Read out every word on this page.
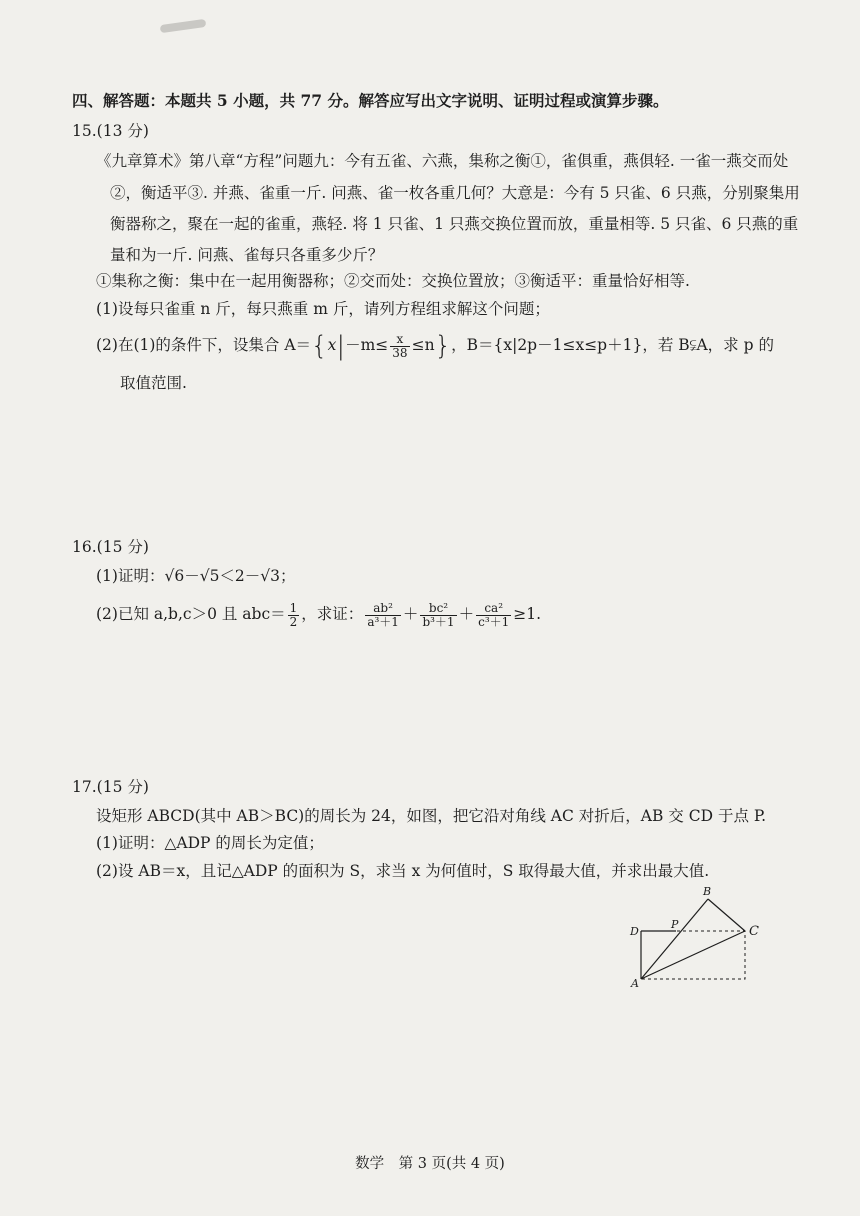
四、解答题：本题共 5 小题，共 77 分。解答应写出文字说明、证明过程或演算步骤。
15.(13 分)
《九章算术》第八章“方程”问题九：今有五雀、六燕，集称之衡①，雀俱重，燕俱轻. 一雀一燕交而处
②，衡适平③. 并燕、雀重一斤. 问燕、雀一枚各重几何？大意是：今有 5 只雀、6 只燕，分别聚集用
衡器称之，聚在一起的雀重，燕轻. 将 1 只雀、1 只燕交换位置而放，重量相等. 5 只雀、6 只燕的重
量和为一斤. 问燕、雀每只各重多少斤？
①集称之衡：集中在一起用衡器称；②交而处：交换位置放；③衡适平：重量恰好相等.
(1)设每只雀重 n 斤，每只燕重 m 斤，请列方程组求解这个问题；
(2)在(1)的条件下，设集合 $A=\{x|-m\le \frac{x}{38} \le n\}$，B＝{x|2p－1≤x≤p＋1}，若 B⫋A，求 p 的
取值范围.
16.(15 分)
(1)证明：√6－√5＜2－√3；
(2)已知 a,b,c＞0 且 $abc= \frac{1}{2}$ ，求证： $\frac{\text{ab²}}{\text{a³＋1}} + \frac{\text{bc²}}{\text{b³＋1}} + \frac{\text{ca²}}{\text{c³＋1}} \ge 1$.
17.(15 分)
设矩形 ABCD(其中 AB＞BC)的周长为 24，如图，把它沿对角线 AC 对折后，AB 交 CD 于点 P.
(1)证明：△ADP 的周长为定值；
(2)设 AB＝x，且记△ADP 的面积为 S，求当 x 为何值时，S 取得最大值，并求出最大值.
B
P
D	C
A
数学　第 3 页(共 4 页)
